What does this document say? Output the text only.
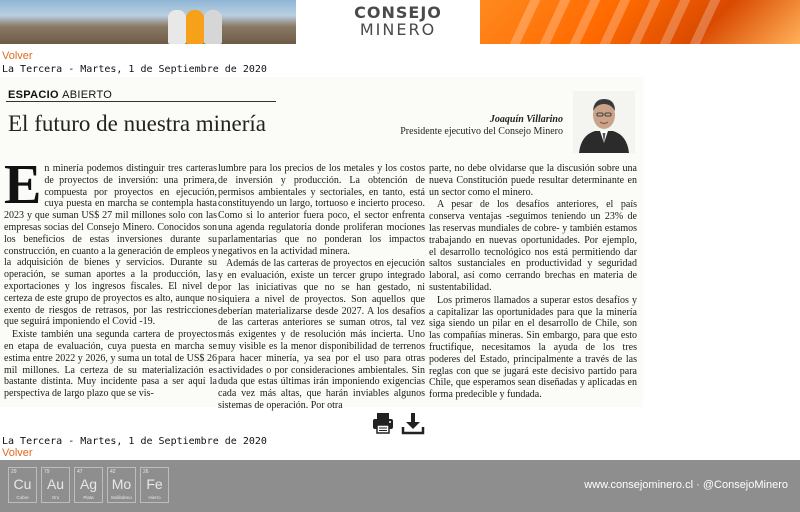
CONSEJO
MINERO
Volver
La Tercera - Martes, 1 de Septiembre de 2020
ESPACIO ABIERTO
El futuro de nuestra minería	Joaquín Villarino
Presidente ejecutivo del Consejo Minero

E n minería podemos distinguir tres carteras de proyectos de inversión: una primera, compuesta por proyectos en ejecución, cuya puesta en marcha se contempla hasta 2023 y que suman US$ 27 mil millones solo con las empresas socias del Consejo Minero. Conocidos son los beneficios de estas inversiones durante su construcción, en cuanto a la generación de empleos y la adquisición de bienes y servicios. Durante su operación, se suman aportes a la producción, las exportaciones y los ingresos fiscales. El nivel de certeza de este grupo de proyectos es alto, aunque no exento de riesgos de retrasos, por las restricciones que seguirá imponiendo el Covid -19.

Existe también una segunda cartera de proyectos en etapa de evaluación, cuya puesta en marcha se estima entre 2022 y 2026, y suma un total de US$ 26 mil millones. La certeza de su materialización es bastante distinta. Muy incidente pasa a ser aquí la perspectiva de largo plazo que se vis-

lumbre para los precios de los metales y los costos de inversión y producción. La obtención de permisos ambientales y sectoriales, en tanto, está constituyendo un largo, tortuoso e incierto proceso. Como si lo anterior fuera poco, el sector enfrenta una agenda regulatoria donde proliferan mociones parlamentarias que no ponderan los impactos negativos en la actividad minera.

Además de las carteras de proyectos en ejecución y en evaluación, existe un tercer grupo integrado por las iniciativas que no se han gestado, ni siquiera a nivel de proyectos. Son aquellos que deberían materializarse desde 2027. A los desafíos de las carteras anteriores se suman otros, tal vez más exigentes y de resolución más incierta. Uno muy visible es la menor disponibilidad de terrenos para hacer minería, ya sea por el uso para otras actividades o por consideraciones ambientales. Sin duda que estas últimas irán imponiendo exigencias cada vez más altas, que harán inviables algunos sistemas de operación. Por otra

parte, no debe olvidarse que la discusión sobre una nueva Constitución puede resultar determinante en un sector como el minero.

A pesar de los desafíos anteriores, el país conserva ventajas -seguimos teniendo un 23% de las reservas mundiales de cobre- y también estamos trabajando en nuevas oportunidades. Por ejemplo, el desarrollo tecnológico nos está permitiendo dar saltos sustanciales en productividad y seguridad laboral, así como cerrando brechas en materia de sustentabilidad.

Los primeros llamados a superar estos desafíos y a capitalizar las oportunidades para que la minería siga siendo un pilar en el desarrollo de Chile, son las compañías mineras. Sin embargo, para que esto fructifique, necesitamos la ayuda de los tres poderes del Estado, principalmente a través de las reglas con que se jugará este decisivo partido para Chile, que esperamos sean diseñadas y aplicadas en forma predecible y fundada.

La Tercera - Martes, 1 de Septiembre de 2020
Volver
29
Cu
Cobre
79
Au
Oro
47
Ag
Plata
42
Mo
Molibdeno
26
Fe
Hierro
www.consejominero.cl · @ConsejoMinero
